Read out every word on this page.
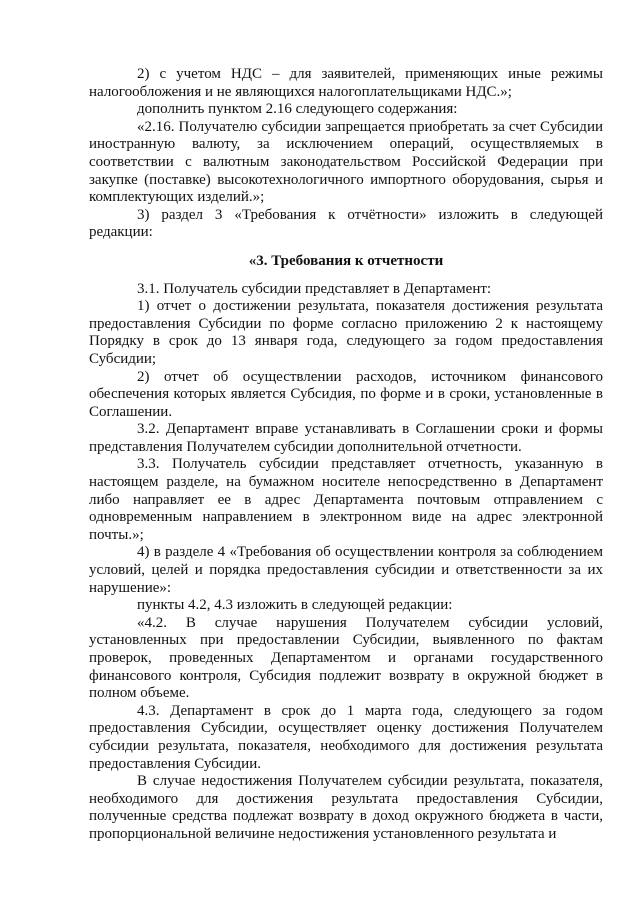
2) с учетом НДС – для заявителей, применяющих иные режимы налогообложения и не являющихся налогоплательщиками НДС.»;

дополнить пунктом 2.16 следующего содержания:

«2.16. Получателю субсидии запрещается приобретать за счет Субсидии иностранную валюту, за исключением операций, осуществляемых в соответствии с валютным законодательством Российской Федерации при закупке (поставке) высокотехнологичного импортного оборудования, сырья и комплектующих изделий.»;

3) раздел 3 «Требования к отчётности» изложить в следующей редакции:

«3. Требования к отчетности

3.1. Получатель субсидии представляет в Департамент:

1) отчет о достижении результата, показателя достижения результата предоставления Субсидии по форме согласно приложению 2 к настоящему Порядку в срок до 13 января года, следующего за годом предоставления Субсидии;

2) отчет об осуществлении расходов, источником финансового обеспечения которых является Субсидия, по форме и в сроки, установленные в Соглашении.

3.2. Департамент вправе устанавливать в Соглашении сроки и формы представления Получателем субсидии дополнительной отчетности.

3.3. Получатель субсидии представляет отчетность, указанную в настоящем разделе, на бумажном носителе непосредственно в Департамент либо направляет ее в адрес Департамента почтовым отправлением с одновременным направлением в электронном виде на адрес электронной почты.»;

4) в разделе 4 «Требования об осуществлении контроля за соблюдением условий, целей и порядка предоставления субсидии и ответственности за их нарушение»:

пункты 4.2, 4.3 изложить в следующей редакции:

«4.2. В случае нарушения Получателем субсидии условий, установленных при предоставлении Субсидии, выявленного по фактам проверок, проведенных Департаментом и органами государственного финансового контроля, Субсидия подлежит возврату в окружной бюджет в полном объеме.

4.3. Департамент в срок до 1 марта года, следующего за годом предоставления Субсидии, осуществляет оценку достижения Получателем субсидии результата, показателя, необходимого для достижения результата предоставления Субсидии.

В случае недостижения Получателем субсидии результата, показателя, необходимого для достижения результата предоставления Субсидии, полученные средства подлежат возврату в доход окружного бюджета в части, пропорциональной величине недостижения установленного результата и
